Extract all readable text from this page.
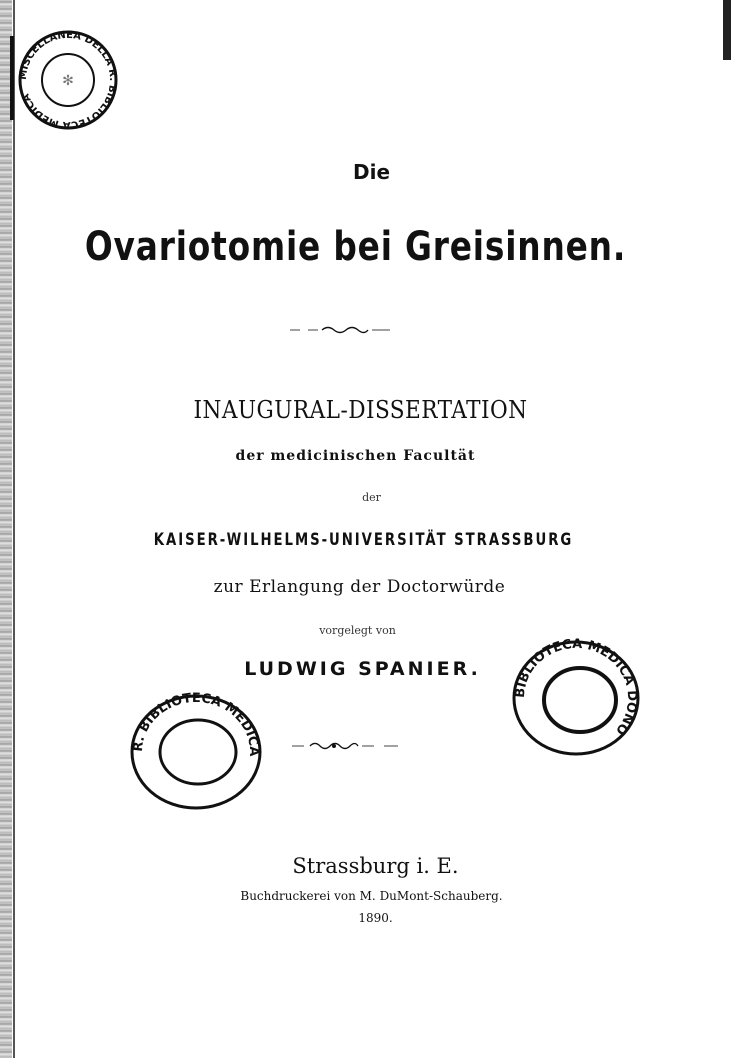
MISCELLANEA DELLA R. BIBLIOTECA MEDICA
✻

Die

Ovariotomie bei Greisinnen.

INAUGURAL-DISSERTATION

der medicinischen Facultät

der

KAISER-WILHELMS-UNIVERSITÄT STRASSBURG

zur Erlangung der Doctorwürde

vorgelegt von

LUDWIG SPANIER.

BIBLIOTECA MEDICA DONO
R. BIBLIOTECA MEDICA

Strassburg i. E.

Buchdruckerei von M. DuMont-Schauberg.

1890.
